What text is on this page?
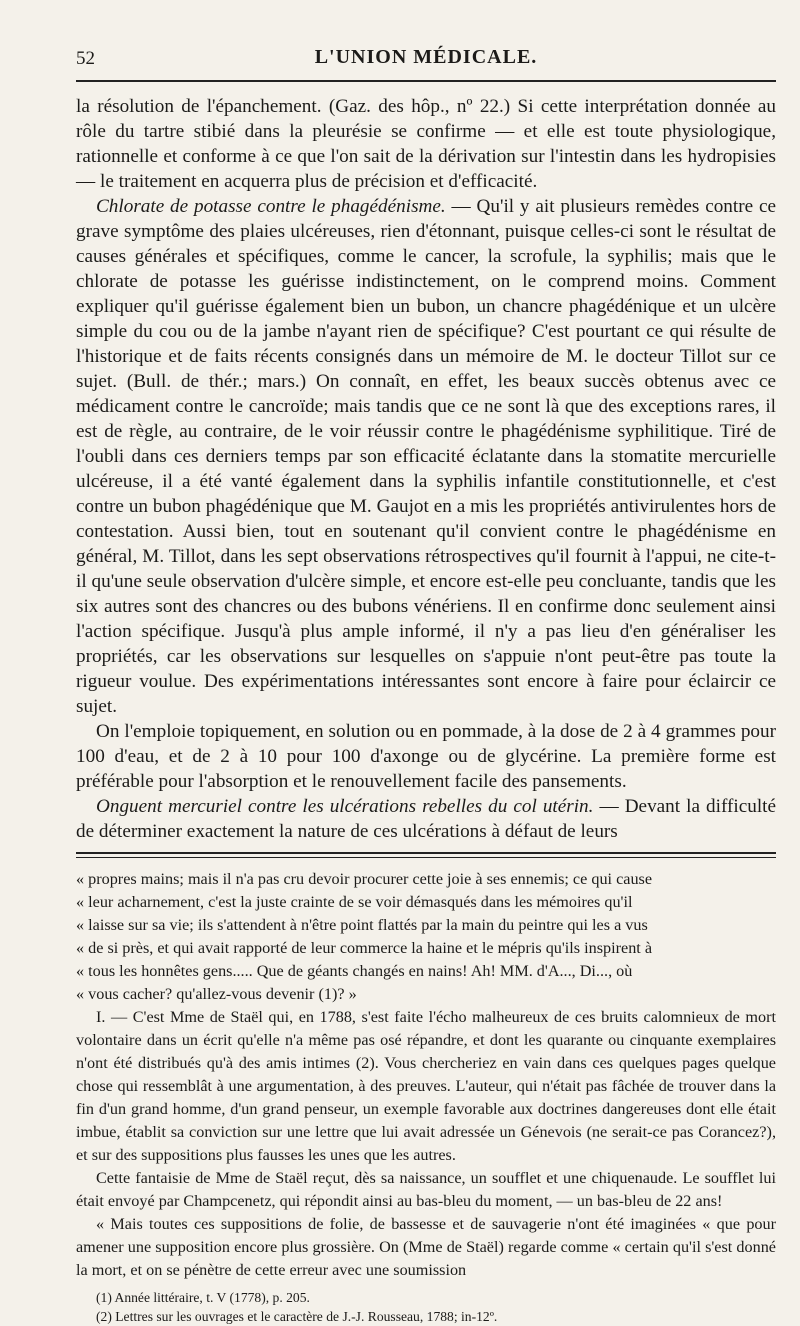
52	L'UNION MÉDICALE.

la résolution de l'épanchement. (Gaz. des hôp., nº 22.) Si cette interprétation donnée au rôle du tartre stibié dans la pleurésie se confirme — et elle est toute physiologique, rationnelle et conforme à ce que l'on sait de la dérivation sur l'intestin dans les hydropisies — le traitement en acquerra plus de précision et d'efficacité.

Chlorate de potasse contre le phagédénisme. — Qu'il y ait plusieurs remèdes contre ce grave symptôme des plaies ulcéreuses, rien d'étonnant, puisque celles-ci sont le résultat de causes générales et spécifiques, comme le cancer, la scrofule, la syphilis; mais que le chlorate de potasse les guérisse indistinctement, on le comprend moins. Comment expliquer qu'il guérisse également bien un bubon, un chancre phagédénique et un ulcère simple du cou ou de la jambe n'ayant rien de spécifique? C'est pourtant ce qui résulte de l'historique et de faits récents consignés dans un mémoire de M. le docteur Tillot sur ce sujet. (Bull. de thér.; mars.) On connaît, en effet, les beaux succès obtenus avec ce médicament contre le cancroïde; mais tandis que ce ne sont là que des exceptions rares, il est de règle, au contraire, de le voir réussir contre le phagédénisme syphilitique. Tiré de l'oubli dans ces derniers temps par son efficacité éclatante dans la stomatite mercurielle ulcéreuse, il a été vanté également dans la syphilis infantile constitutionnelle, et c'est contre un bubon phagédénique que M. Gaujot en a mis les propriétés antivirulentes hors de contestation. Aussi bien, tout en soutenant qu'il convient contre le phagédénisme en général, M. Tillot, dans les sept observations rétrospectives qu'il fournit à l'appui, ne cite-t-il qu'une seule observation d'ulcère simple, et encore est-elle peu concluante, tandis que les six autres sont des chancres ou des bubons vénériens. Il en confirme donc seulement ainsi l'action spécifique. Jusqu'à plus ample informé, il n'y a pas lieu d'en généraliser les propriétés, car les observations sur lesquelles on s'appuie n'ont peut-être pas toute la rigueur voulue. Des expérimentations intéressantes sont encore à faire pour éclaircir ce sujet.

On l'emploie topiquement, en solution ou en pommade, à la dose de 2 à 4 grammes pour 100 d'eau, et de 2 à 10 pour 100 d'axonge ou de glycérine. La première forme est préférable pour l'absorption et le renouvellement facile des pansements.

Onguent mercuriel contre les ulcérations rebelles du col utérin. — Devant la difficulté de déterminer exactement la nature de ces ulcérations à défaut de leurs

« propres mains; mais il n'a pas cru devoir procurer cette joie à ses ennemis; ce qui cause
« leur acharnement, c'est la juste crainte de se voir démasqués dans les mémoires qu'il
« laisse sur sa vie; ils s'attendent à n'être point flattés par la main du peintre qui les a vus
« de si près, et qui avait rapporté de leur commerce la haine et le mépris qu'ils inspirent à
« tous les honnêtes gens..... Que de géants changés en nains! Ah! MM. d'A..., Di..., où
« vous cacher? qu'allez-vous devenir (1)? »

I. — C'est Mme de Staël qui, en 1788, s'est faite l'écho malheureux de ces bruits calomnieux de mort volontaire dans un écrit qu'elle n'a même pas osé répandre, et dont les quarante ou cinquante exemplaires n'ont été distribués qu'à des amis intimes (2). Vous chercheriez en vain dans ces quelques pages quelque chose qui ressemblât à une argumentation, à des preuves. L'auteur, qui n'était pas fâchée de trouver dans la fin d'un grand homme, d'un grand penseur, un exemple favorable aux doctrines dangereuses dont elle était imbue, établit sa conviction sur une lettre que lui avait adressée un Génevois (ne serait-ce pas Corancez?), et sur des suppositions plus fausses les unes que les autres.

Cette fantaisie de Mme de Staël reçut, dès sa naissance, un soufflet et une chiquenaude. Le soufflet lui était envoyé par Champcenetz, qui répondit ainsi au bas-bleu du moment, — un bas-bleu de 22 ans!

« Mais toutes ces suppositions de folie, de bassesse et de sauvagerie n'ont été imaginées « que pour amener une supposition encore plus grossière. On (Mme de Staël) regarde comme « certain qu'il s'est donné la mort, et on se pénètre de cette erreur avec une soumission

(1) Année littéraire, t. V (1778), p. 205.
(2) Lettres sur les ouvrages et le caractère de J.-J. Rousseau, 1788; in-12º.
